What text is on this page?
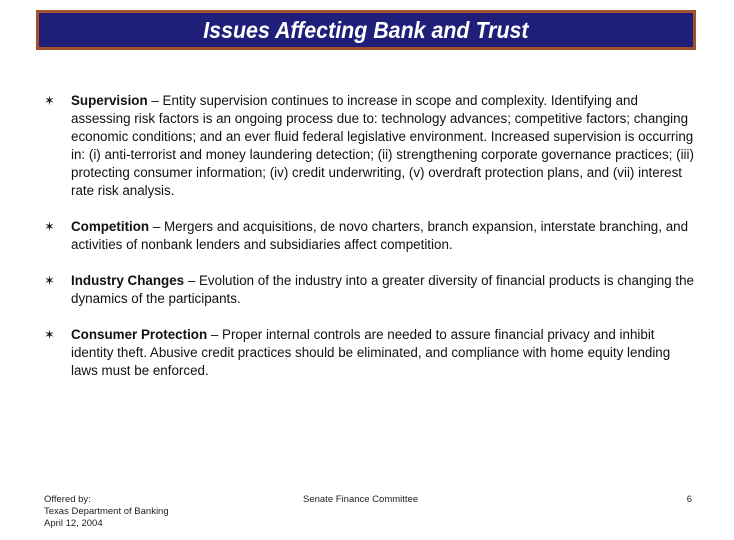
Issues Affecting Bank and Trust
✶	Supervision – Entity supervision continues to increase in scope and complexity. Identifying and assessing risk factors is an ongoing process due to: technology advances; competitive factors; changing economic conditions; and an ever fluid federal legislative environment. Increased supervision is occurring in: (i) anti-terrorist and money laundering detection; (ii) strengthening corporate governance practices; (iii) protecting consumer information; (iv) credit underwriting, (v) overdraft protection plans, and (vii) interest rate risk analysis.
✶	Competition – Mergers and acquisitions, de novo charters, branch expansion, interstate branching, and activities of nonbank lenders and subsidiaries affect competition.
✶	Industry Changes – Evolution of the industry into a greater diversity of financial products is changing the dynamics of the participants.
✶	Consumer Protection – Proper internal controls are needed to assure financial privacy and inhibit identity theft. Abusive credit practices should be eliminated, and compliance with home equity lending laws must be enforced.
Offered by:
Texas Department of Banking
April 12, 2004
Senate Finance Committee	6
